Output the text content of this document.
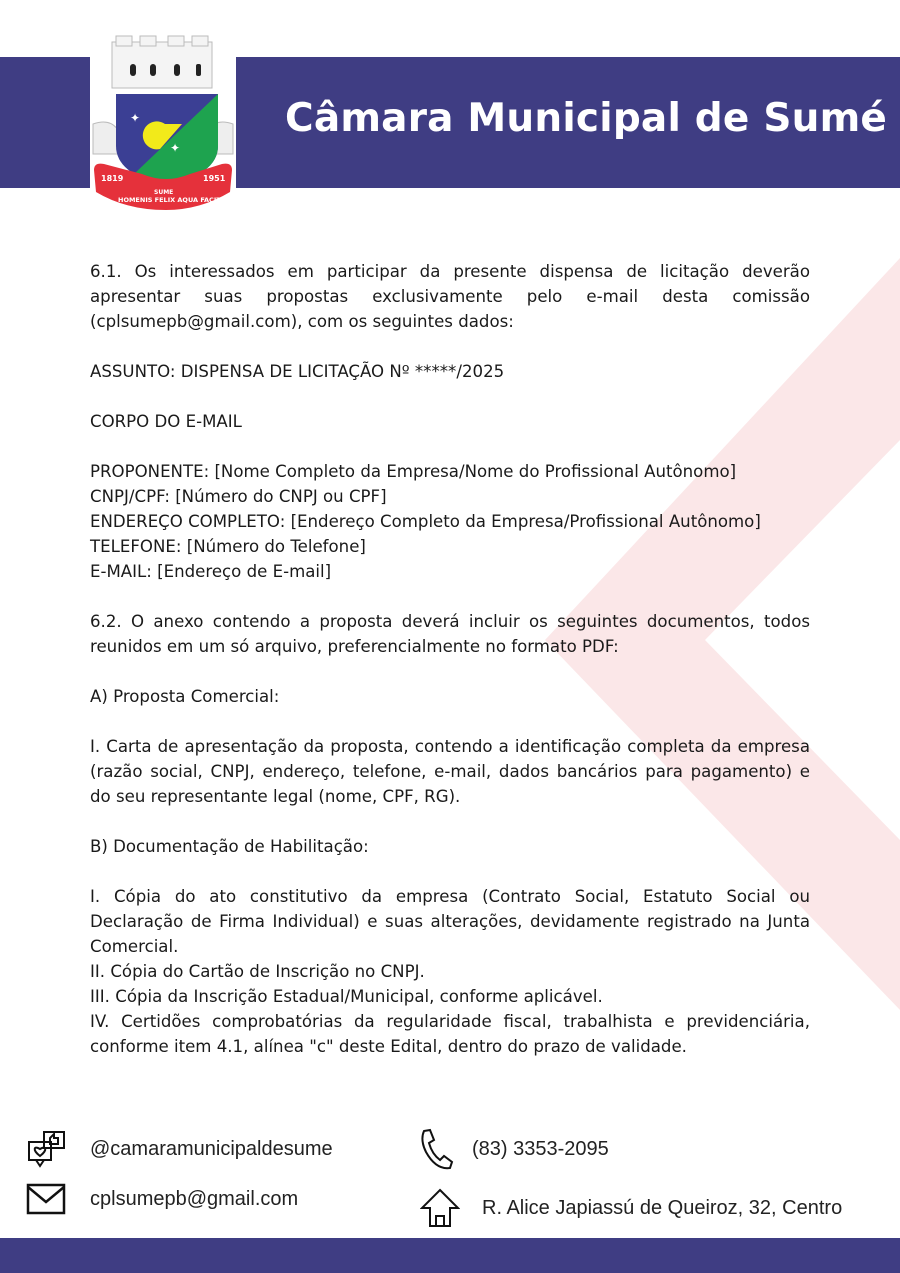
Câmara Municipal de Sumé
✦
✦
1819	1951
SUME
HOMENIS FELIX AQUA FACIT

6.1. Os interessados em participar da presente dispensa de licitação deverão apresentar suas propostas exclusivamente pelo e-mail desta comissão (cplsumepb@gmail.com), com os seguintes dados:

ASSUNTO: DISPENSA DE LICITAÇÃO Nº *****/2025

CORPO DO E-MAIL

PROPONENTE: [Nome Completo da Empresa/Nome do Profissional Autônomo]
CNPJ/CPF: [Número do CNPJ ou CPF]
ENDEREÇO COMPLETO: [Endereço Completo da Empresa/Profissional Autônomo]
TELEFONE: [Número do Telefone]
E-MAIL: [Endereço de E-mail]

6.2. O anexo contendo a proposta deverá incluir os seguintes documentos, todos reunidos em um só arquivo, preferencialmente no formato PDF:

A) Proposta Comercial:

I. Carta de apresentação da proposta, contendo a identificação completa da empresa (razão social, CNPJ, endereço, telefone, e-mail, dados bancários para pagamento) e do seu representante legal (nome, CPF, RG).

B) Documentação de Habilitação:

I. Cópia do ato constitutivo da empresa (Contrato Social, Estatuto Social ou Declaração de Firma Individual) e suas alterações, devidamente registrado na Junta Comercial.
II. Cópia do Cartão de Inscrição no CNPJ.
III. Cópia da Inscrição Estadual/Municipal, conforme aplicável.
IV. Certidões comprobatórias da regularidade fiscal, trabalhista e previdenciária, conforme item 4.1, alínea "c" deste Edital, dentro do prazo de validade.

@camaramunicipaldesume
cplsumepb@gmail.com
(83) 3353-2095
R. Alice Japiassú de Queiroz, 32, Centro
